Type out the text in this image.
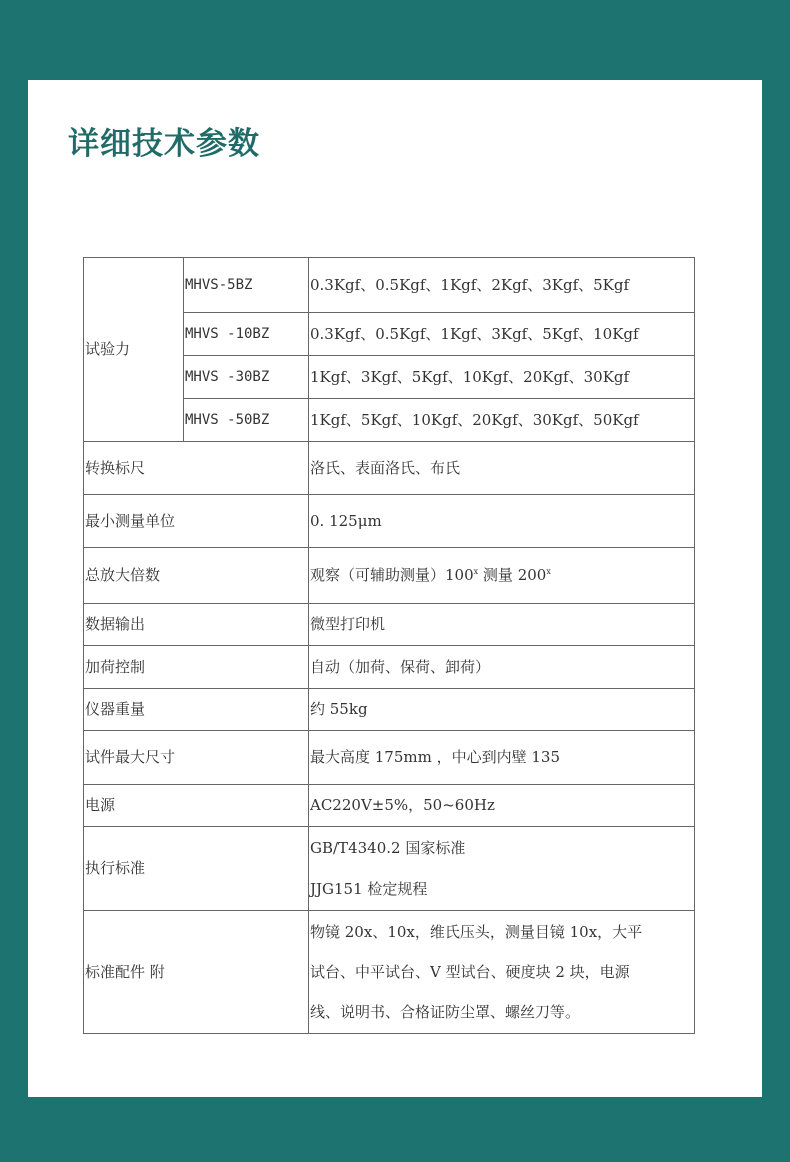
详细技术参数
试验力	MHVS-5BZ	0.3Kgf、0.5Kgf、1Kgf、2Kgf、3Kgf、5Kgf
	MHVS -10BZ	0.3Kgf、0.5Kgf、1Kgf、3Kgf、5Kgf、10Kgf
	MHVS -30BZ	1Kgf、3Kgf、5Kgf、10Kgf、20Kgf、30Kgf
	MHVS -50BZ	1Kgf、5Kgf、10Kgf、20Kgf、30Kgf、50Kgf
转换标尺		洛氏、表面洛氏、布氏
最小测量单位		0. 125μm
总放大倍数		观察（可辅助测量）100$^x$ 测量 200$^x$
数据输出		微型打印机
加荷控制		自动（加荷、保荷、卸荷）
仪器重量		约 55kg
试件最大尺寸		最大高度 175mm ，中心到内壁 135
电源		AC220V±5%，50~60Hz
执行标准		GB/T4340.2 国家标准
JJG151 检定规程

标准配件 附		物镜 20x、10x，维氏压头，测量目镜 10x，大平
试台、中平试台、V 型试台、硬度块 2 块，电源
线、说明书、合格证防尘罩、螺丝刀等。
